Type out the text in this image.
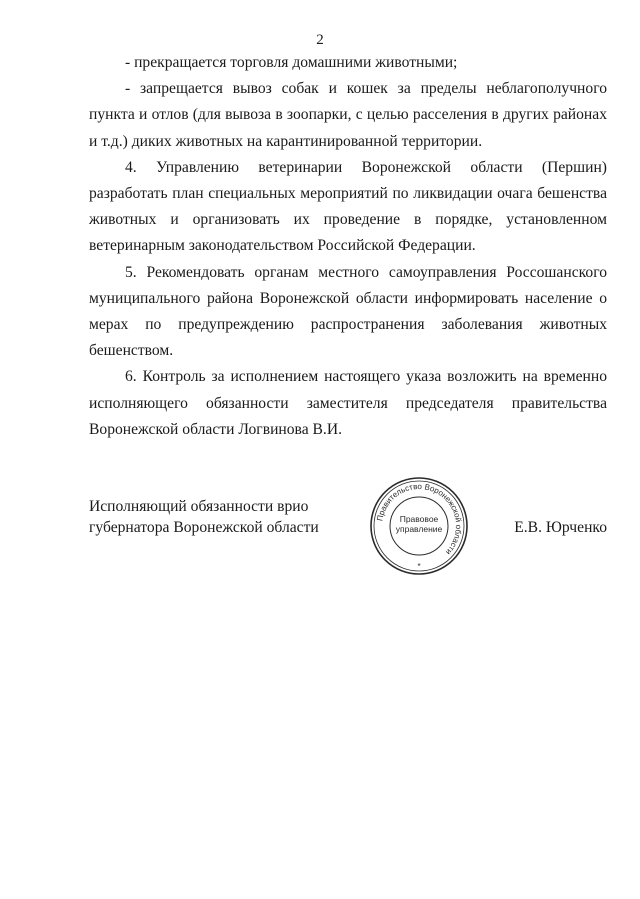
2

- прекращается торговля домашними животными;

- запрещается вывоз собак и кошек за пределы неблагополучного пункта и отлов (для вывоза в зоопарки, с целью расселения в других районах и т.д.) диких животных на карантинированной территории.

4. Управлению ветеринарии Воронежской области (Першин) разработать план специальных мероприятий по ликвидации очага бешенства животных и организовать их проведение в порядке, установленном ветеринарным законодательством Российской Федерации.

5. Рекомендовать органам местного самоуправления Россошанского муниципального района Воронежской области информировать население о мерах по предупреждению распространения заболевания животных бешенством.

6. Контроль за исполнением настоящего указа возложить на временно исполняющего обязанности заместителя председателя правительства Воронежской области Логвинова В.И.

Исполняющий обязанности врио
губернатора Воронежской области
Правительство Воронежской области
*
Правовое
управление	Е.В. Юрченко
